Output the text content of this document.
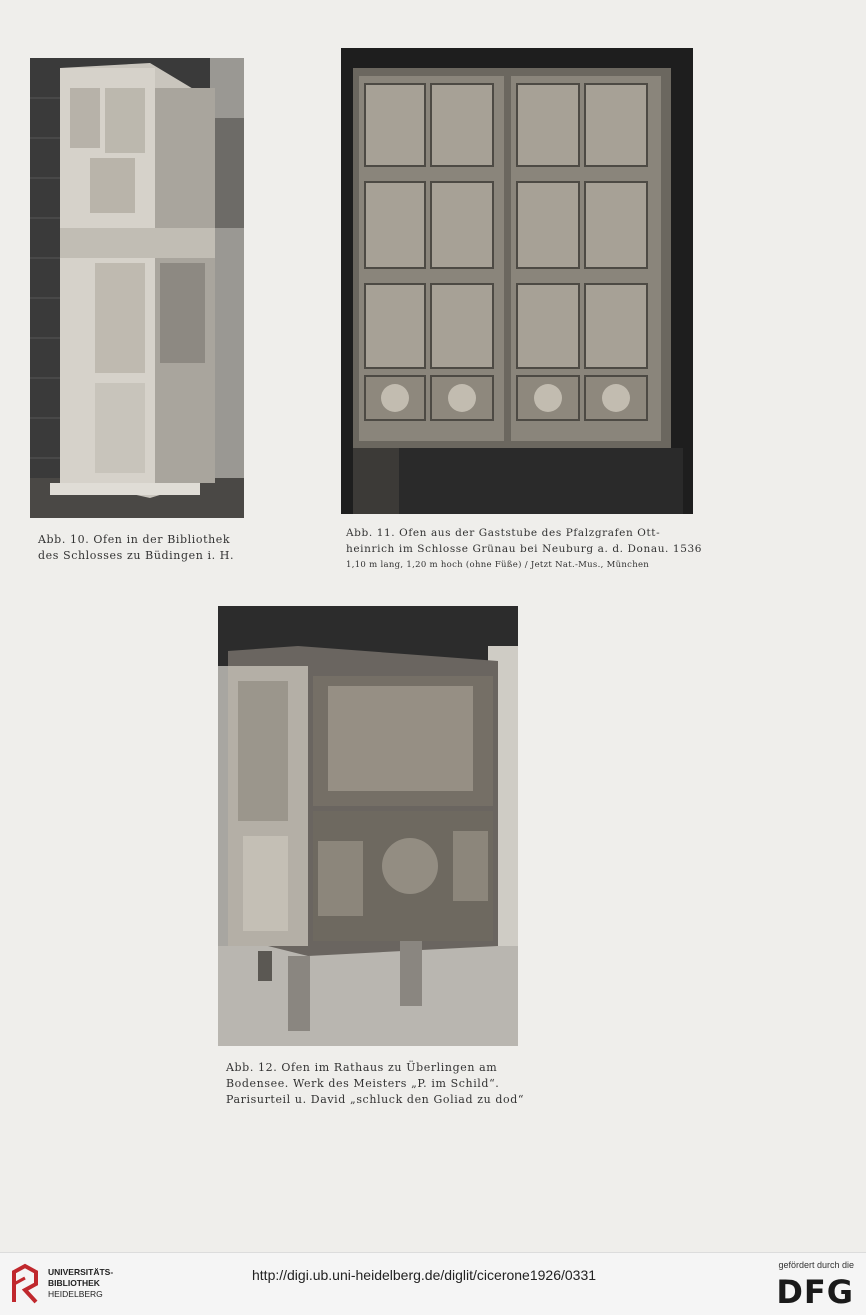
Abb. 10. Ofen in der Bibliothek
des Schlosses zu Büdingen i. H.
Abb. 11. Ofen aus der Gaststube des Pfalzgrafen Ott-
heinrich im Schlosse Grünau bei Neuburg a. d. Donau. 1536
1,10 m lang, 1,20 m hoch (ohne Füße) / Jetzt Nat.-Mus., München
Abb. 12. Ofen im Rathaus zu Überlingen am
Bodensee. Werk des Meisters „P. im Schild“.
Parisurteil u. David „schluck den Goliad zu dod“
UNIVERSITÄTS-
BIBLIOTHEK
HEIDELBERG
http://digi.ub.uni-heidelberg.de/diglit/cicerone1926/0331
gefördert durch die
DFG
